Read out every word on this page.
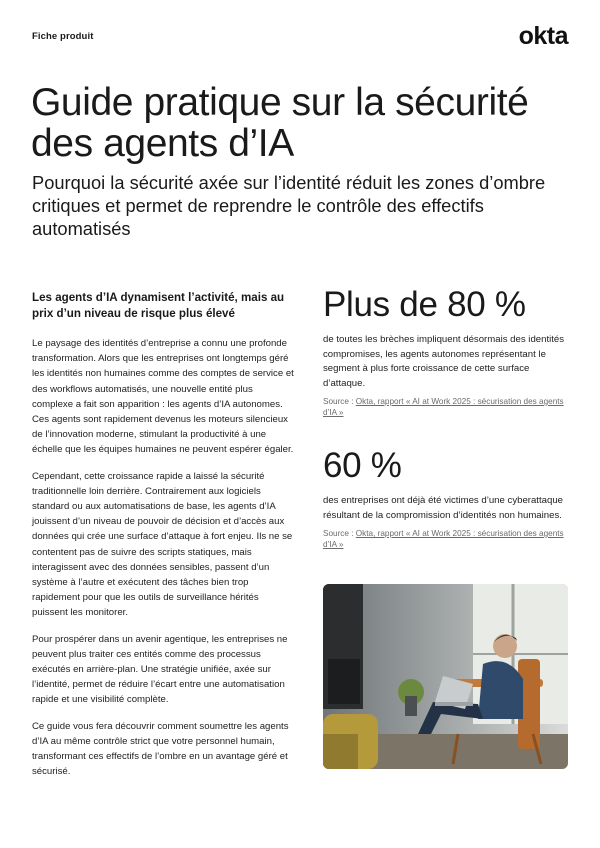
Fiche produit	okta
Guide pratique sur la sécurité des agents d’IA

Pourquoi la sécurité axée sur l’identité réduit les zones d’ombre critiques et permet de reprendre le contrôle des effectifs automatisés

Les agents d’IA dynamisent l’activité, mais au prix d’un niveau de risque plus élevé

Le paysage des identités d’entreprise a connu une profonde transformation. Alors que les entreprises ont longtemps géré les identités non humaines comme des comptes de service et des workflows automatisés, une nouvelle entité plus complexe a fait son apparition : les agents d’IA autonomes. Ces agents sont rapidement devenus les moteurs silencieux de l’innovation moderne, stimulant la productivité à une échelle que les équipes humaines ne peuvent espérer égaler.

Cependant, cette croissance rapide a laissé la sécurité traditionnelle loin derrière. Contrairement aux logiciels standard ou aux automatisations de base, les agents d’IA jouissent d’un niveau de pouvoir de décision et d’accès aux données qui crée une surface d’attaque à fort enjeu. Ils ne se contentent pas de suivre des scripts statiques, mais interagissent avec des données sensibles, passent d’un système à l’autre et exécutent des tâches bien trop rapidement pour que les outils de surveillance hérités puissent les monitorer.

Pour prospérer dans un avenir agentique, les entreprises ne peuvent plus traiter ces entités comme des processus exécutés en arrière-plan. Une stratégie unifiée, axée sur l’identité, permet de réduire l’écart entre une automatisation rapide et une visibilité complète.

Ce guide vous fera découvrir comment soumettre les agents d’IA au même contrôle strict que votre personnel humain, transformant ces effectifs de l’ombre en un avantage géré et sécurisé.

Plus de 80 %

de toutes les brèches impliquent désormais des identités compromises, les agents autonomes représentant le segment à plus forte croissance de cette surface d’attaque.

Source : Okta, rapport « AI at Work 2025 : sécurisation des agents d’IA »

60 %

des entreprises ont déjà été victimes d’une cyberattaque résultant de la compromission d’identités non humaines.

Source : Okta, rapport « AI at Work 2025 : sécurisation des agents d’IA »
